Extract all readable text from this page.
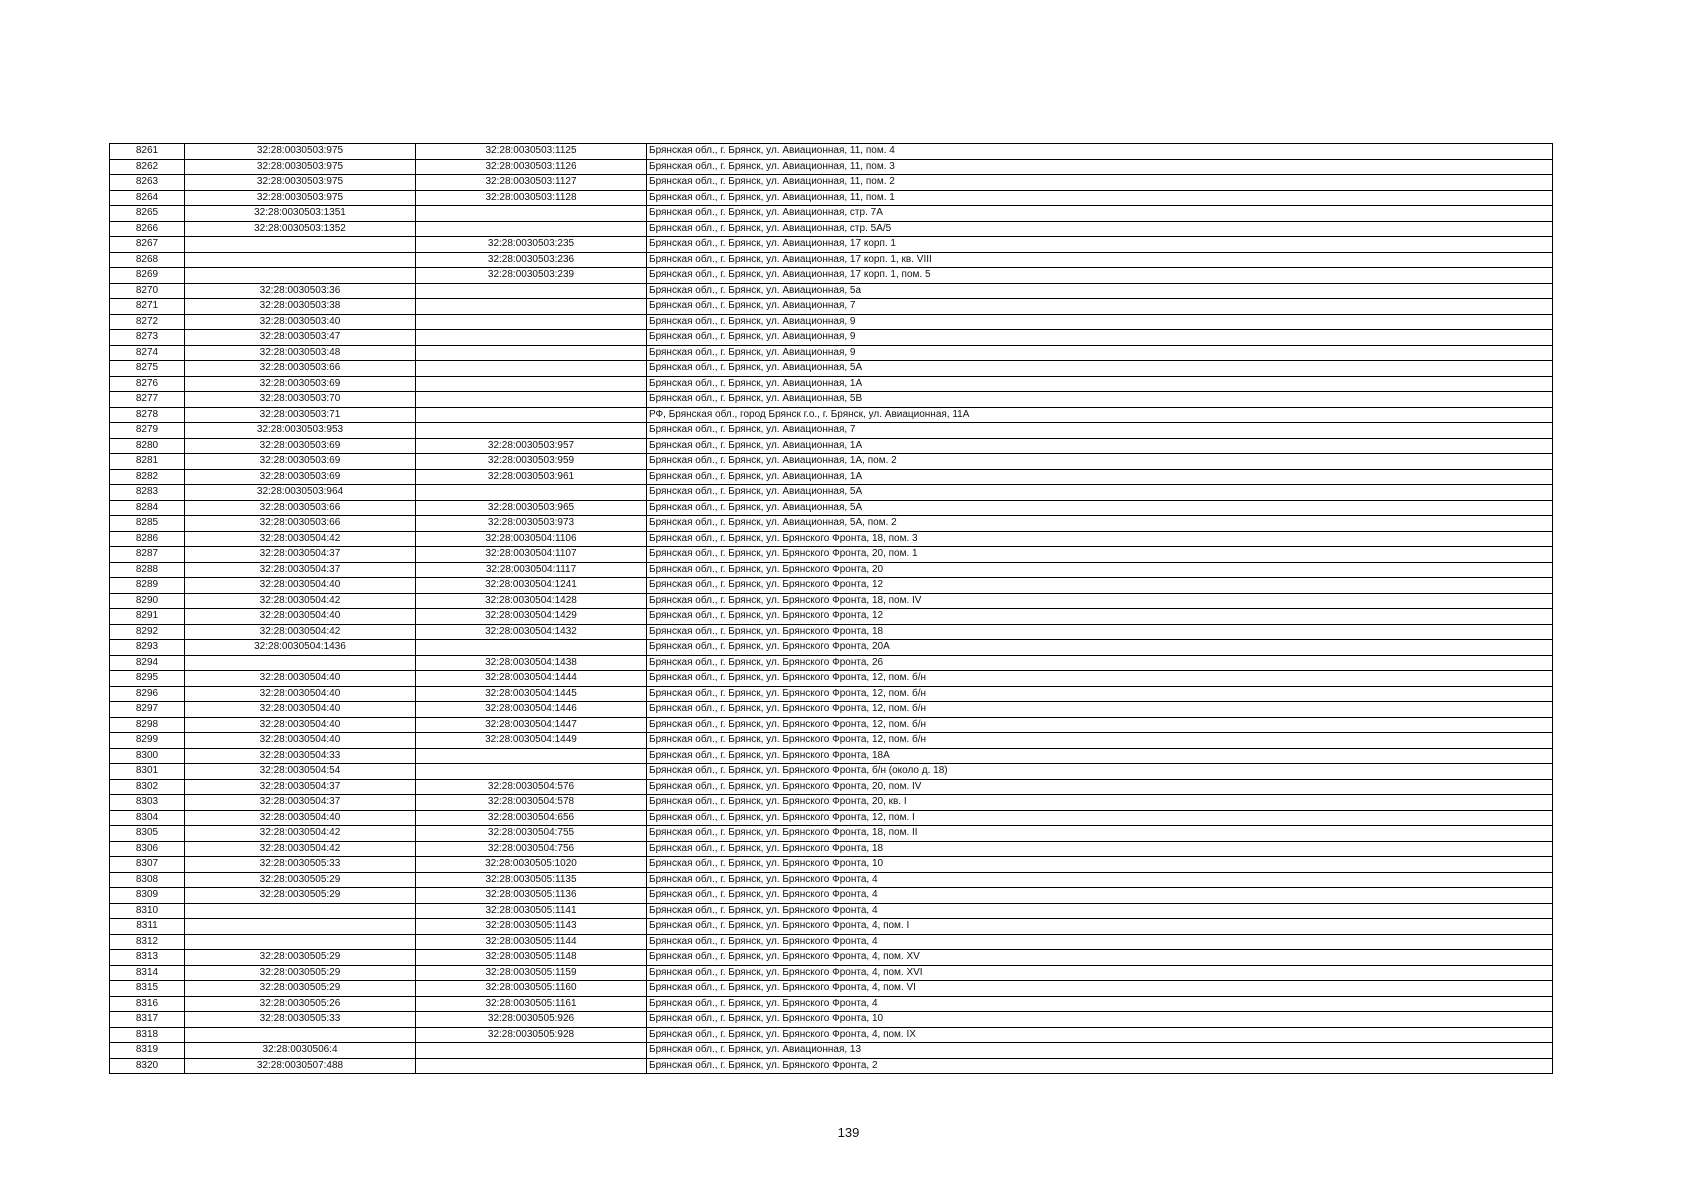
8261	32:28:0030503:975	32:28:0030503:1125	Брянская обл., г. Брянск, ул. Авиационная, 11, пом. 4
8262	32:28:0030503:975	32:28:0030503:1126	Брянская обл., г. Брянск, ул. Авиационная, 11, пом. 3
8263	32:28:0030503:975	32:28:0030503:1127	Брянская обл., г. Брянск, ул. Авиационная, 11, пом. 2
8264	32:28:0030503:975	32:28:0030503:1128	Брянская обл., г. Брянск, ул. Авиационная, 11, пом. 1
8265	32:28:0030503:1351		Брянская обл., г. Брянск, ул. Авиационная, стр. 7А
8266	32:28:0030503:1352		Брянская обл., г. Брянск, ул. Авиационная, стр. 5А/5
8267		32:28:0030503:235	Брянская обл., г. Брянск, ул. Авиационная, 17 корп. 1
8268		32:28:0030503:236	Брянская обл., г. Брянск, ул. Авиационная, 17 корп. 1, кв. VIII
8269		32:28:0030503:239	Брянская обл., г. Брянск, ул. Авиационная, 17 корп. 1, пом. 5
8270	32:28:0030503:36		Брянская обл., г. Брянск, ул. Авиационная, 5а
8271	32:28:0030503:38		Брянская обл., г. Брянск, ул. Авиационная, 7
8272	32:28:0030503:40		Брянская обл., г. Брянск, ул. Авиационная, 9
8273	32:28:0030503:47		Брянская обл., г. Брянск, ул. Авиационная, 9
8274	32:28:0030503:48		Брянская обл., г. Брянск, ул. Авиационная, 9
8275	32:28:0030503:66		Брянская обл., г. Брянск, ул. Авиационная, 5А
8276	32:28:0030503:69		Брянская обл., г. Брянск, ул. Авиационная, 1А
8277	32:28:0030503:70		Брянская обл., г. Брянск, ул. Авиационная, 5В
8278	32:28:0030503:71		РФ, Брянская обл., город Брянск г.о., г. Брянск, ул. Авиационная, 11А
8279	32:28:0030503:953		Брянская обл., г. Брянск, ул. Авиационная, 7
8280	32:28:0030503:69	32:28:0030503:957	Брянская обл., г. Брянск, ул. Авиационная, 1А
8281	32:28:0030503:69	32:28:0030503:959	Брянская обл., г. Брянск, ул. Авиационная, 1А, пом. 2
8282	32:28:0030503:69	32:28:0030503:961	Брянская обл., г. Брянск, ул. Авиационная, 1А
8283	32:28:0030503:964		Брянская обл., г. Брянск, ул. Авиационная, 5А
8284	32:28:0030503:66	32:28:0030503:965	Брянская обл., г. Брянск, ул. Авиационная, 5А
8285	32:28:0030503:66	32:28:0030503:973	Брянская обл., г. Брянск, ул. Авиационная, 5А, пом. 2
8286	32:28:0030504:42	32:28:0030504:1106	Брянская обл., г. Брянск, ул. Брянского Фронта, 18, пом. 3
8287	32:28:0030504:37	32:28:0030504:1107	Брянская обл., г. Брянск, ул. Брянского Фронта, 20, пом. 1
8288	32:28:0030504:37	32:28:0030504:1117	Брянская обл., г. Брянск, ул. Брянского Фронта, 20
8289	32:28:0030504:40	32:28:0030504:1241	Брянская обл., г. Брянск, ул. Брянского Фронта, 12
8290	32:28:0030504:42	32:28:0030504:1428	Брянская обл., г. Брянск, ул. Брянского Фронта, 18, пом. IV
8291	32:28:0030504:40	32:28:0030504:1429	Брянская обл., г. Брянск, ул. Брянского Фронта, 12
8292	32:28:0030504:42	32:28:0030504:1432	Брянская обл., г. Брянск, ул. Брянского Фронта, 18
8293	32:28:0030504:1436		Брянская обл., г. Брянск, ул. Брянского Фронта, 20А
8294		32:28:0030504:1438	Брянская обл., г. Брянск, ул. Брянского Фронта, 26
8295	32:28:0030504:40	32:28:0030504:1444	Брянская обл., г. Брянск, ул. Брянского Фронта, 12, пом. б/н
8296	32:28:0030504:40	32:28:0030504:1445	Брянская обл., г. Брянск, ул. Брянского Фронта, 12, пом. б/н
8297	32:28:0030504:40	32:28:0030504:1446	Брянская обл., г. Брянск, ул. Брянского Фронта, 12, пом. б/н
8298	32:28:0030504:40	32:28:0030504:1447	Брянская обл., г. Брянск, ул. Брянского Фронта, 12, пом. б/н
8299	32:28:0030504:40	32:28:0030504:1449	Брянская обл., г. Брянск, ул. Брянского Фронта, 12, пом. б/н
8300	32:28:0030504:33		Брянская обл., г. Брянск, ул. Брянского Фронта, 18А
8301	32:28:0030504:54		Брянская обл., г. Брянск, ул. Брянского Фронта, б/н (около д. 18)
8302	32:28:0030504:37	32:28:0030504:576	Брянская обл., г. Брянск, ул. Брянского Фронта, 20, пом. IV
8303	32:28:0030504:37	32:28:0030504:578	Брянская обл., г. Брянск, ул. Брянского Фронта, 20, кв. I
8304	32:28:0030504:40	32:28:0030504:656	Брянская обл., г. Брянск, ул. Брянского Фронта, 12, пом. I
8305	32:28:0030504:42	32:28:0030504:755	Брянская обл., г. Брянск, ул. Брянского Фронта, 18, пом. II
8306	32:28:0030504:42	32:28:0030504:756	Брянская обл., г. Брянск, ул. Брянского Фронта, 18
8307	32:28:0030505:33	32:28:0030505:1020	Брянская обл., г. Брянск, ул. Брянского Фронта, 10
8308	32:28:0030505:29	32:28:0030505:1135	Брянская обл., г. Брянск, ул. Брянского Фронта, 4
8309	32:28:0030505:29	32:28:0030505:1136	Брянская обл., г. Брянск, ул. Брянского Фронта, 4
8310		32:28:0030505:1141	Брянская обл., г. Брянск, ул. Брянского Фронта, 4
8311		32:28:0030505:1143	Брянская обл., г. Брянск, ул. Брянского Фронта, 4, пом. I
8312		32:28:0030505:1144	Брянская обл., г. Брянск, ул. Брянского Фронта, 4
8313	32:28:0030505:29	32:28:0030505:1148	Брянская обл., г. Брянск, ул. Брянского Фронта, 4, пом. XV
8314	32:28:0030505:29	32:28:0030505:1159	Брянская обл., г. Брянск, ул. Брянского Фронта, 4, пом. XVI
8315	32:28:0030505:29	32:28:0030505:1160	Брянская обл., г. Брянск, ул. Брянского Фронта, 4, пом. VI
8316	32:28:0030505:26	32:28:0030505:1161	Брянская обл., г. Брянск, ул. Брянского Фронта, 4
8317	32:28:0030505:33	32:28:0030505:926	Брянская обл., г. Брянск, ул. Брянского Фронта, 10
8318		32:28:0030505:928	Брянская обл., г. Брянск, ул. Брянского Фронта, 4, пом. IX
8319	32:28:0030506:4		Брянская обл., г. Брянск, ул. Авиационная, 13
8320	32:28:0030507:488		Брянская обл., г. Брянск, ул. Брянского Фронта, 2
139
